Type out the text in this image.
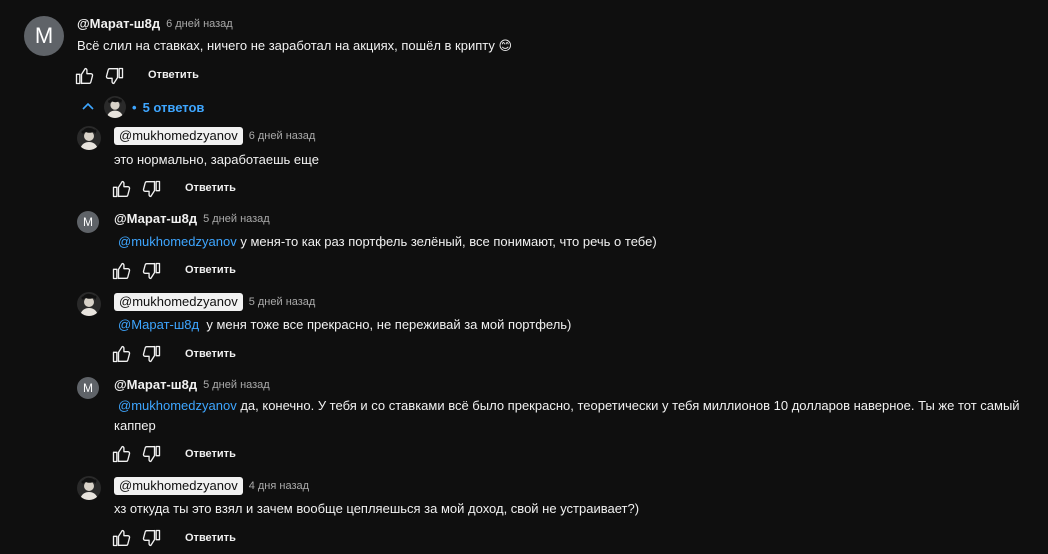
M @Марат-ш8д 6 дней назад
Всё слил на ставках, ничего не заработал на акциях, пошёл в крипту 😊
Ответить
• 5 ответов
@mukhomedzyanov	6 дней назад
это нормально, заработаешь еще
Ответить
M @Марат-ш8д 5 дней назад
@mukhomedzyanov у меня-то как раз портфель зелёный, все понимают, что речь о тебе)
Ответить
@mukhomedzyanov	5 дней назад
@Марат-ш8д у меня тоже все прекрасно, не переживай за мой портфель)
Ответить
M @Марат-ш8д 5 дней назад
@mukhomedzyanov да, конечно. У тебя и со ставками всё было прекрасно, теоретически у тебя миллионов 10 долларов наверное. Ты же тот самый
каппер
Ответить
@mukhomedzyanov	4 дня назад
хз откуда ты это взял и зачем вообще цепляешься за мой доход, свой не устраивает?)
Ответить
